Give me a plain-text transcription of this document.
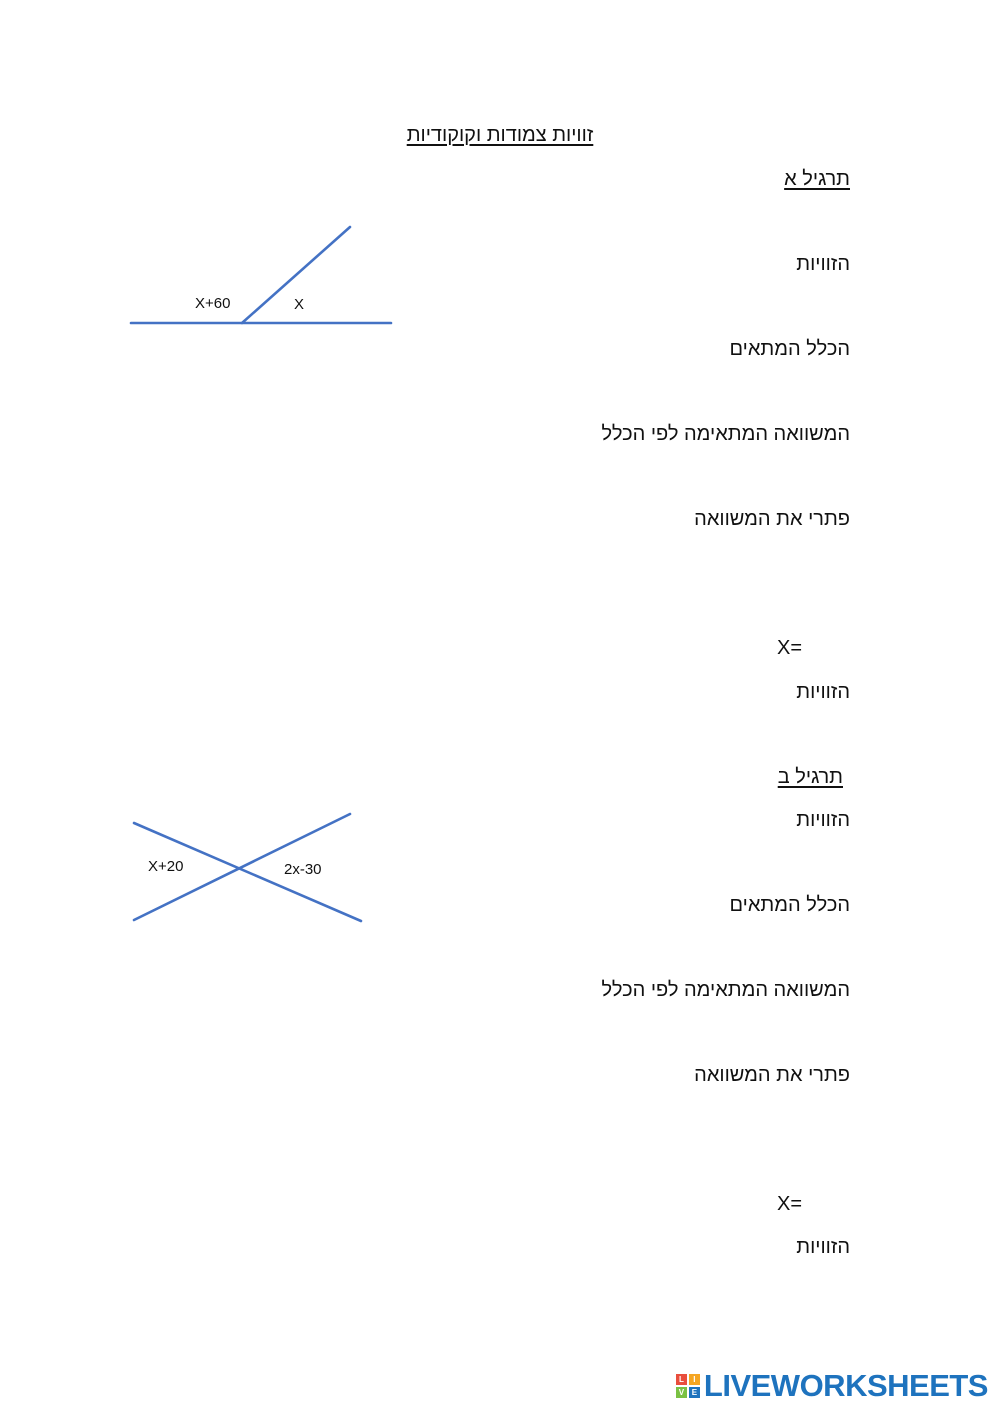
זוויות צמודות וקוקודיות
תרגיל א
הזוויות
הכלל המתאים
המשוואה המתאימה לפי הכלל
פתרי את המשוואה
X=
הזוויות
X+60	X
תרגיל ב
הזוויות
הכלל המתאים
המשוואה המתאימה לפי הכלל
פתרי את המשוואה
X=
הזוויות
X+20	2x-30
L	I
V E LIVEWORKSHEETS
